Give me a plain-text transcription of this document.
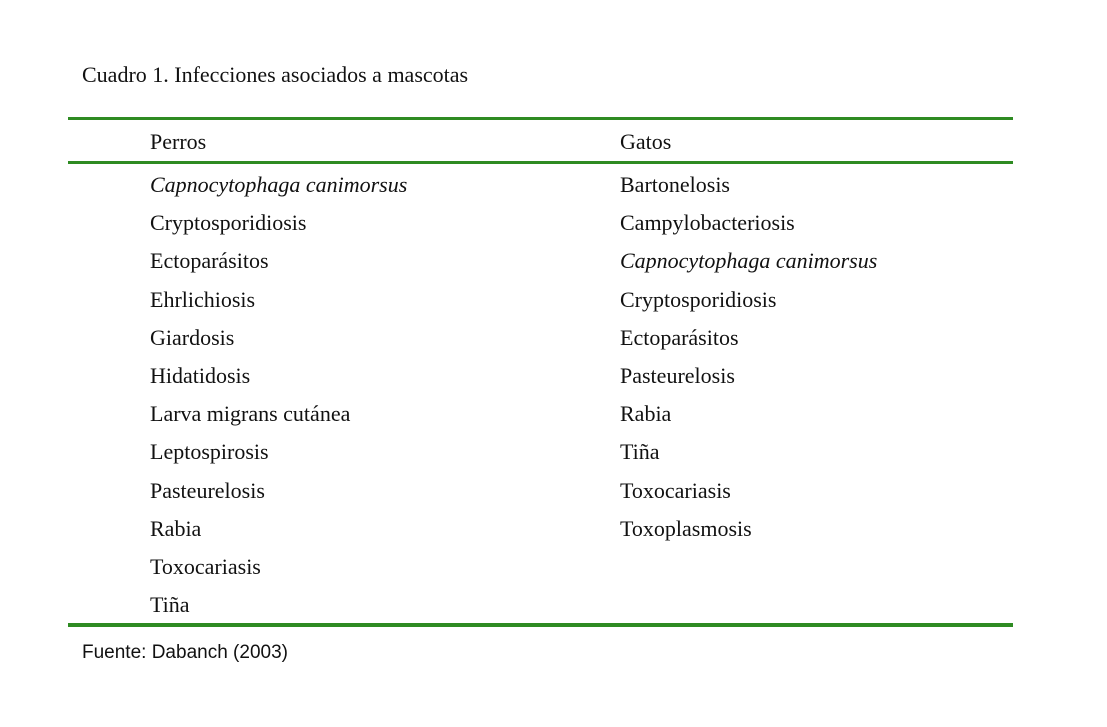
Cuadro 1. Infecciones asociados a mascotas
Perros	Gatos
Capnocytophaga canimorsus
Cryptosporidiosis
Ectoparásitos
Ehrlichiosis
Giardosis
Hidatidosis
Larva migrans cutánea
Leptospirosis
Pasteurelosis
Rabia
Toxocariasis
Tiña
Bartonelosis
Campylobacteriosis
Capnocytophaga canimorsus
Cryptosporidiosis
Ectoparásitos
Pasteurelosis
Rabia
Tiña
Toxocariasis
Toxoplasmosis
Fuente: Dabanch (2003)
